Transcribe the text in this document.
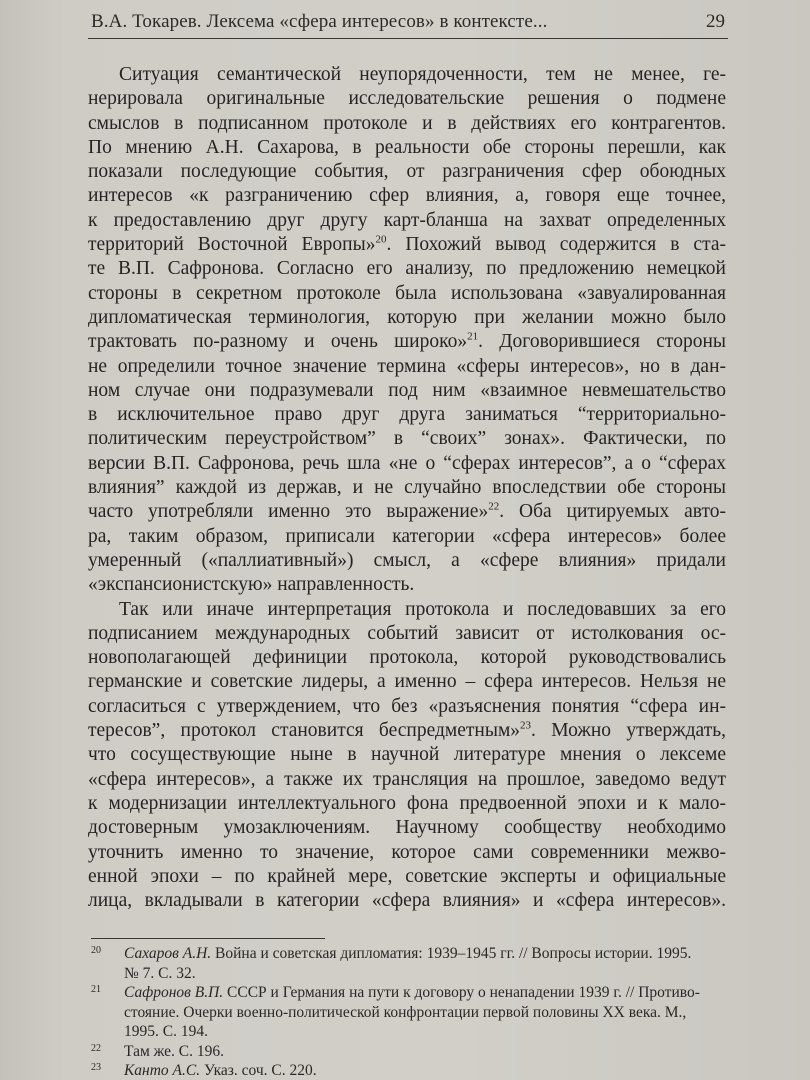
В.А. Токарев. Лексема «сфера интересов» в контексте...	29

Ситуация семантической неупорядоченности, тем не менее, ге-
нерировала оригинальные исследовательские решения о подмене
смыслов в подписанном протоколе и в действиях его контрагентов.
По мнению А.Н. Сахарова, в реальности обе стороны перешли, как
показали последующие события, от разграничения сфер обоюдных
интересов «к разграничению сфер влияния, а, говоря еще точнее,
к предоставлению друг другу карт-бланша на захват определенных
территорий Восточной Европы»$^{20}$. Похожий вывод содержится в ста-
те В.П. Сафронова. Согласно его анализу, по предложению немецкой
стороны в секретном протоколе была использована «завуалированная
дипломатическая терминология, которую при желании можно было
трактовать по-разному и очень широко»$^{21}$. Договорившиеся стороны
не определили точное значение термина «сферы интересов», но в дан-
ном случае они подразумевали под ним «взаимное невмешательство
в исключительное право друг друга заниматься “территориально-
политическим переустройством” в “своих” зонах». Фактически, по
версии В.П. Сафронова, речь шла «не о “сферах интересов”, а о “сферах
влияния” каждой из держав, и не случайно впоследствии обе стороны
часто употребляли именно это выражение»$^{22}$. Оба цитируемых авто-
ра, таким образом, приписали категории «сфера интересов» более
умеренный («паллиативный») смысл, а «сфере влияния» придали
«экспансионистскую» направленность.

Так или иначе интерпретация протокола и последовавших за его
подписанием международных событий зависит от истолкования ос-
новополагающей дефиниции протокола, которой руководствовались
германские и советские лидеры, а именно – сфера интересов. Нельзя не
согласиться с утверждением, что без «разъяснения понятия “сфера ин-
тересов”, протокол становится беспредметным»$^{23}$. Можно утверждать,
что сосуществующие ныне в научной литературе мнения о лексеме
«сфера интересов», а также их трансляция на прошлое, заведомо ведут
к модернизации интеллектуального фона предвоенной эпохи и к мало-
достоверным умозаключениям. Научному сообществу необходимо
уточнить именно то значение, которое сами современники межво-
енной эпохи – по крайней мере, советские эксперты и официальные
лица, вкладывали в категории «сфера влияния» и «сфера интересов».

20 Сахаров А.Н. Война и советская дипломатия: 1939–1945 гг. // Вопросы истории. 1995.
№ 7. С. 32.
21 Сафронов В.П. СССР и Германия на пути к договору о ненападении 1939 г. // Противо-
стояние. Очерки военно-политической конфронтации первой половины XX века. М.,
1995. С. 194.
22 Там же. С. 196.
23 Канто А.С. Указ. соч. С. 220.
